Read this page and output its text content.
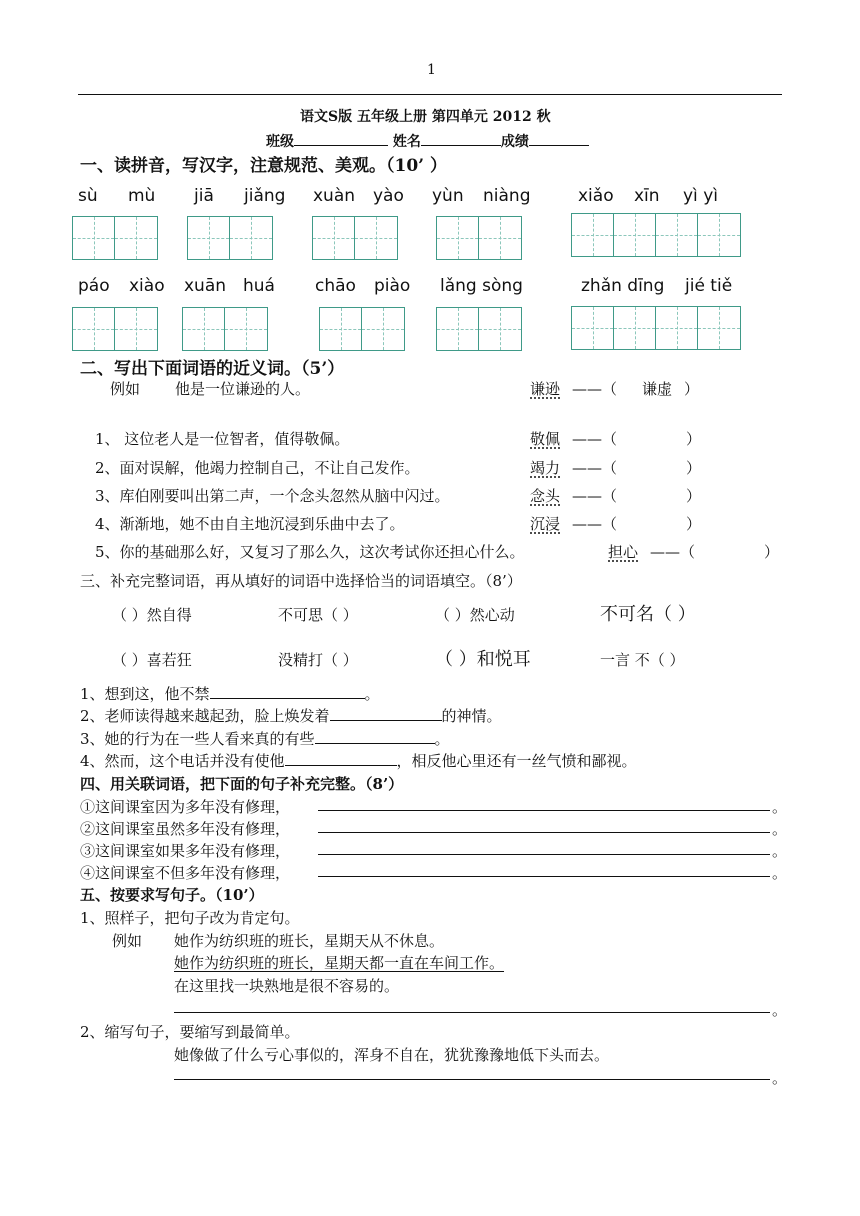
1
语文S版 五年级上册 第四单元 2012 秋
班级	姓名	成绩
一、读拼音，写汉字，注意规范、美观。（10’ ）
sù mù jiā jiǎng xuàn yào yùn niàng	xiǎo xīn yì yì
páo xiào xuān huá chāo piào lǎng sòng	zhǎn dīng jié tiě
二、写出下面词语的近义词。（5’）
例如 他是一位谦逊的人。	谦逊 ——（ 谦虚 ）
1、 这位老人是一位智者，值得敬佩。	敬佩 ——（	）
2、面对误解，他竭力控制自己，不让自己发作。	竭力 ——（	）
3、库伯刚要叫出第二声，一个念头忽然从脑中闪过。	念头 ——（	）
4、渐渐地，她不由自主地沉浸到乐曲中去了。	沉浸 ——（	）
5、你的基础那么好，又复习了那么久，这次考试你还担心什么。	担心 ——（	）
三、补充完整词语，再从填好的词语中选择恰当的词语填空。（8’）
（ ）然自得	不可思（ ）	（ ）然心动	不可名（ ）
（ ）喜若狂	没精打（ ）	（ ）和悦耳	一言 不（ ）
1、想到这，他不禁	。
2、老师读得越来越起劲，脸上焕发着	的神情。
3、她的行为在一些人看来真的有些	。
4、然而，这个电话并没有使他	，相反他心里还有一丝气愤和鄙视。
四、用关联词语，把下面的句子补充完整。（8’）
①这间课室因为多年没有修理，	。
②这间课室虽然多年没有修理，	。
③这间课室如果多年没有修理，	。
④这间课室不但多年没有修理，	。
五、按要求写句子。（10’）
1、照样子，把句子改为肯定句。
例如 她作为纺织班的班长，星期天从不休息。
她作为纺织班的班长，星期天都一直在车间工作。
在这里找一块熟地是很不容易的。
。
2、缩写句子，要缩写到最简单。
她像做了什么亏心事似的，浑身不自在，犹犹豫豫地低下头而去。
。
